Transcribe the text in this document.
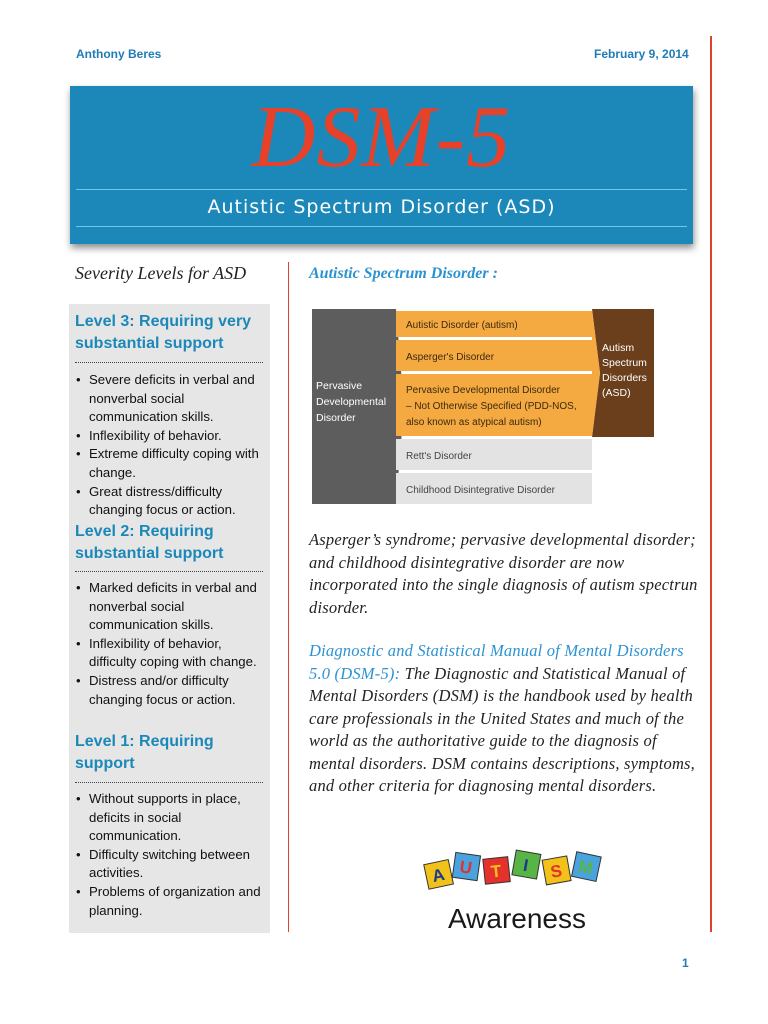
Anthony Beres	February 9, 2014
DSM-5
Autistic Spectrum Disorder (ASD)
Severity Levels for ASD
Level 3: Requiring very
substantial support
• Severe deficits in verbal and nonverbal social communication skills.
• Inflexibility of behavior.
• Extreme difficulty coping with change.
• Great distress/difficulty changing focus or action.
Level 2: Requiring
substantial support
• Marked deficits in verbal and nonverbal social communication skills.
• Inflexibility of behavior, difficulty coping with change.
• Distress and/or difficulty changing focus or action.
Level 1: Requiring
support
• Without supports in place, deficits in social communication.
• Difficulty switching between activities.
• Problems of organization and planning.
Autistic Spectrum Disorder :
Pervasive Developmental Disorder
Autistic Disorder (autism)
Asperger's Disorder
Pervasive Developmental Disorder – Not Otherwise Specified (PDD-NOS, also known as atypical autism)
Rett's Disorder
Childhood Disintegrative Disorder
Autism Spectrum Disorders (ASD)
Asperger’s syndrome; pervasive developmental disorder; and childhood disintegrative disorder are now incorporated into the single diagnosis of autism spectrun disorder.
Diagnostic and Statistical Manual of Mental Disorders 5.0 (DSM-5): The Diagnostic and Statistical Manual of Mental Disorders (DSM) is the handbook used by health care professionals in the United States and much of the world as the authoritative guide to the diagnosis of mental disorders. DSM contains descriptions, symptoms, and other criteria for diagnosing mental disorders.
A U T I S M
Awareness
1
